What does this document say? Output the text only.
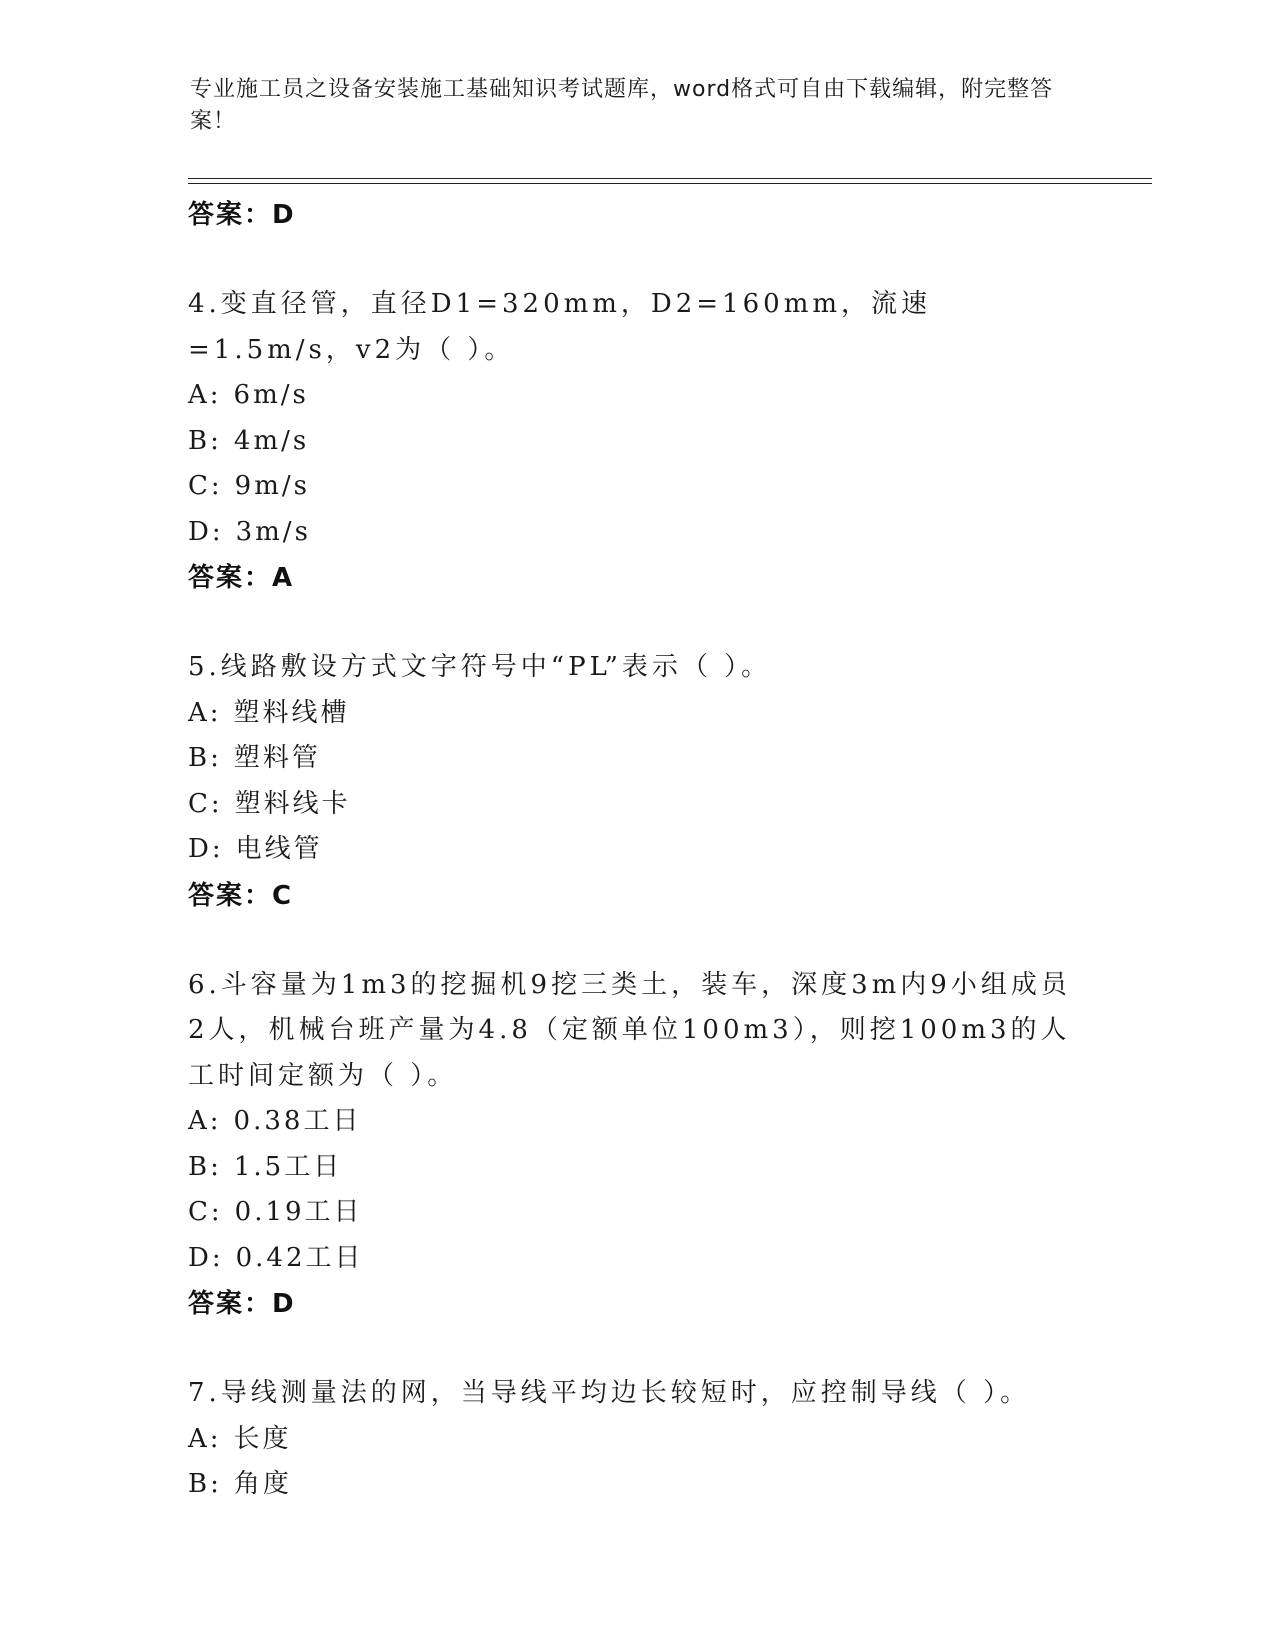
专业施工员之设备安装施工基础知识考试题库，word格式可自由下载编辑，附完整答案！
答案：D
4.变直径管，直径D1=320mm，D2=160mm，流速=1.5m/s，v2为（ ）。
A: 6m/s
B: 4m/s
C: 9m/s
D: 3m/s
答案：A
5.线路敷设方式文字符号中“PL”表示（ ）。
A: 塑料线槽
B: 塑料管
C: 塑料线卡
D: 电线管
答案：C
6.斗容量为1m3的挖掘机9挖三类土，装车，深度3m内9小组成员2人，机械台班产量为4.8（定额单位100m3），则挖100m3的人工时间定额为（ ）。
A: 0.38工日
B: 1.5工日
C: 0.19工日
D: 0.42工日
答案：D
7.导线测量法的网，当导线平均边长较短时，应控制导线（ ）。
A: 长度
B: 角度
